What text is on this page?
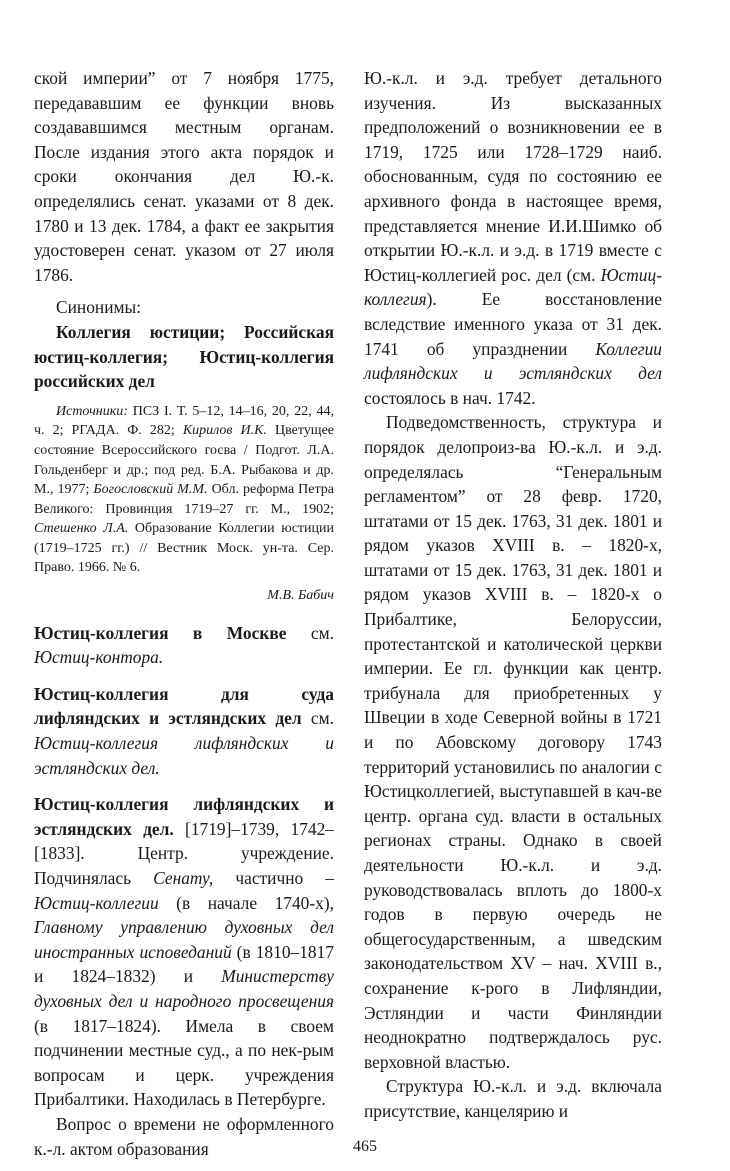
ской империи” от 7 ноября 1775, передававшим ее функции вновь создававшимся местным органам. После издания этого акта порядок и сроки окончания дел Ю.-к. определялись сенат. указами от 8 дек. 1780 и 13 дек. 1784, а факт ее закрытия удостоверен сенат. указом от 27 июля 1786.

Синонимы:

Коллегия юстиции; Российская юстиц-коллегия; Юстиц-коллегия российских дел

Источники: ПСЗ I. Т. 5–12, 14–16, 20, 22, 44, ч. 2; РГАДА. Ф. 282; Кирилов И.К. Цветущее состояние Всероссийского госва / Подгот. Л.А. Гольденберг и др.; под ред. Б.А. Рыбакова и др. М., 1977; Богословский М.М. Обл. реформа Петра Великого: Провинция 1719–27 гг. М., 1902; Стешенко Л.А. Образование Коллегии юстиции (1719–1725 гг.) // Вестник Моск. ун-та. Сер. Право. 1966. № 6.

М.В. Бабич

Юстиц-коллегия в Москве см. Юстиц-контора.

Юстиц-коллегия для суда лифляндских и эстляндских дел см. Юстиц-коллегия лифляндских и эстляндских дел.

Юстиц-коллегия лифляндских и эстляндских дел. [1719]–1739, 1742–[1833]. Центр. учреждение. Подчинялась Сенату, частично – Юстиц-коллегии (в начале 1740-х), Главному управлению духовных дел иностранных исповеданий (в 1810–1817 и 1824–1832) и Министерству духовных дел и народного просвещения (в 1817–1824). Имела в своем подчинении местные суд., а по нек-рым вопросам и церк. учреждения Прибалтики. Находилась в Петербурге.

Вопрос о времени не оформленного к.-л. актом образования

Ю.-к.л. и э.д. требует детального изучения. Из высказанных предположений о возникновении ее в 1719, 1725 или 1728–1729 наиб. обоснованным, судя по состоянию ее архивного фонда в настоящее время, представляется мнение И.И.Шимко об открытии Ю.-к.л. и э.д. в 1719 вместе с Юстиц-коллегией рос. дел (см. Юстиц-коллегия). Ее восстановление вследствие именного указа от 31 дек. 1741 об упразднении Коллегии лифляндских и эстляндских дел состоялось в нач. 1742.

Подведомственность, структура и порядок делопроиз-ва Ю.-к.л. и э.д. определялась “Генеральным регламентом” от 28 февр. 1720, штатами от 15 дек. 1763, 31 дек. 1801 и рядом указов XVIII в. – 1820-х, штатами от 15 дек. 1763, 31 дек. 1801 и рядом указов XVIII в. – 1820-х о Прибалтике, Белоруссии, протестантской и католической церкви империи. Ее гл. функции как центр. трибунала для приобретенных у Швеции в ходе Северной войны в 1721 и по Абовскому договору 1743 территорий установились по аналогии с Юстицколлегией, выступавшей в кач-ве центр. органа суд. власти в остальных регионах страны. Однако в своей деятельности Ю.-к.л. и э.д. руководствовалась вплоть до 1800-х годов в первую очередь не общегосударственным, а шведским законодательством XV – нач. XVIII в., сохранение к-рого в Лифляндии, Эстляндии и части Финляндии неоднократно подтверждалось рус. верховной властью.

Структура Ю.-к.л. и э.д. включала присутствие, канцелярию и

465
